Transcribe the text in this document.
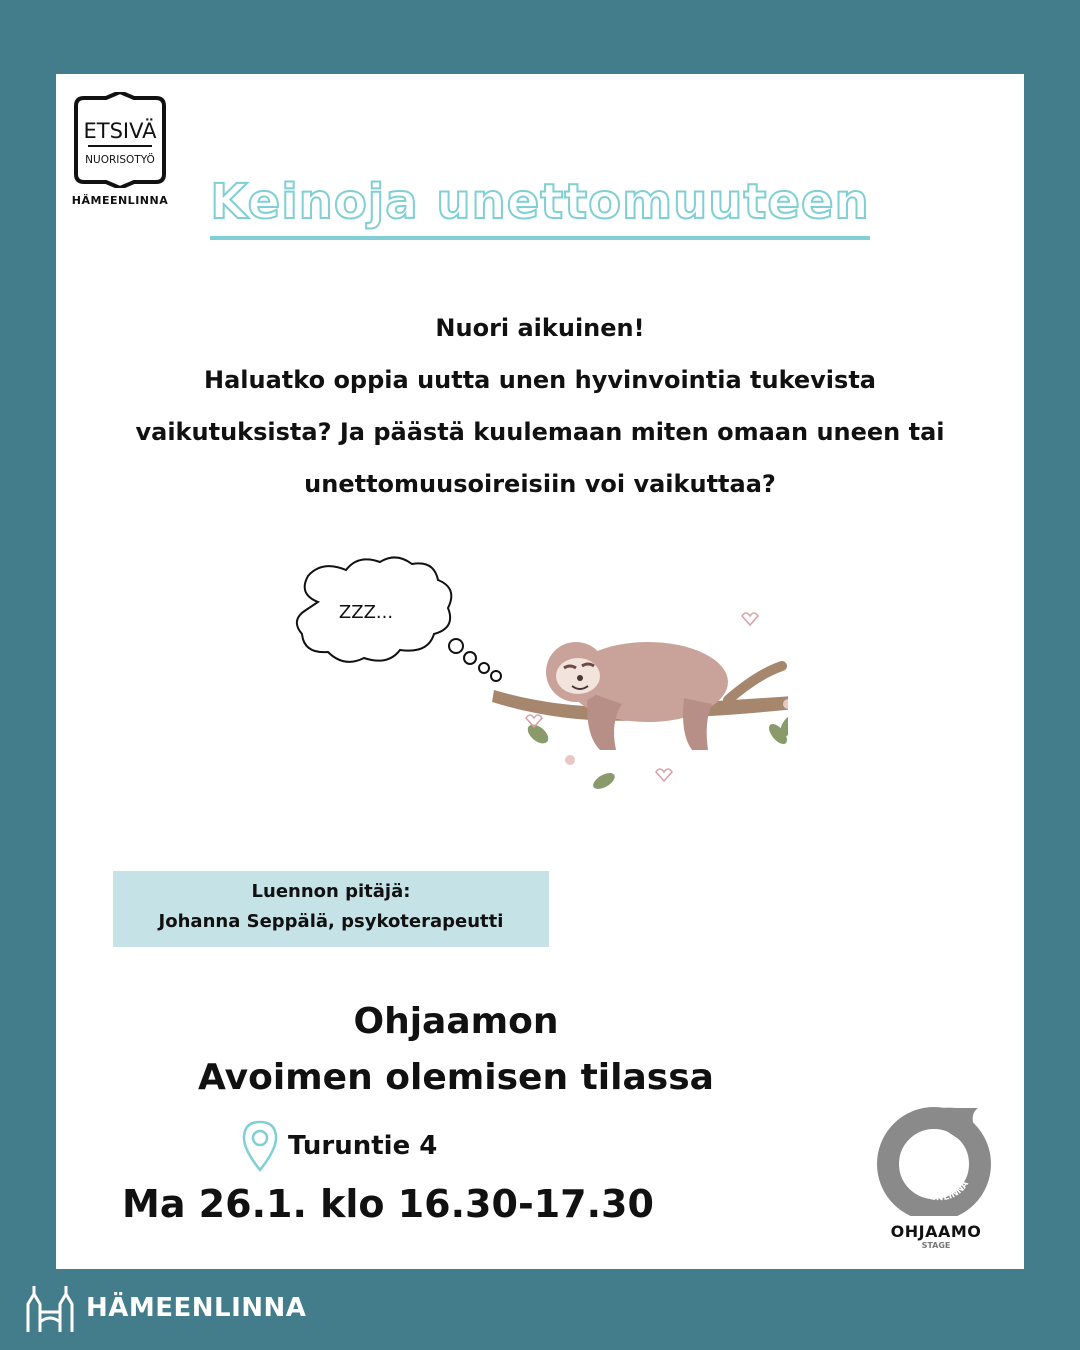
ETSIVÄ
NUORISOTYÖ
HÄMEENLINNA Keinoja unettomuuteen
Nuori aikuinen!
Haluatko oppia uutta unen hyvinvointia tukevista
vaikutuksista? Ja päästä kuulemaan miten omaan uneen tai
unettomuusoireisiin voi vaikuttaa?
ZZZ...
Luennon pitäjä:
Johanna Seppälä, psykoterapeutti
Ohjaamon
Avoimen olemisen tilassa
Turuntie 4
Ma 26.1. klo 16.30-17.30	HÄMEENLINNA
OHJAAMO
STAGE
HÄMEENLINNA
